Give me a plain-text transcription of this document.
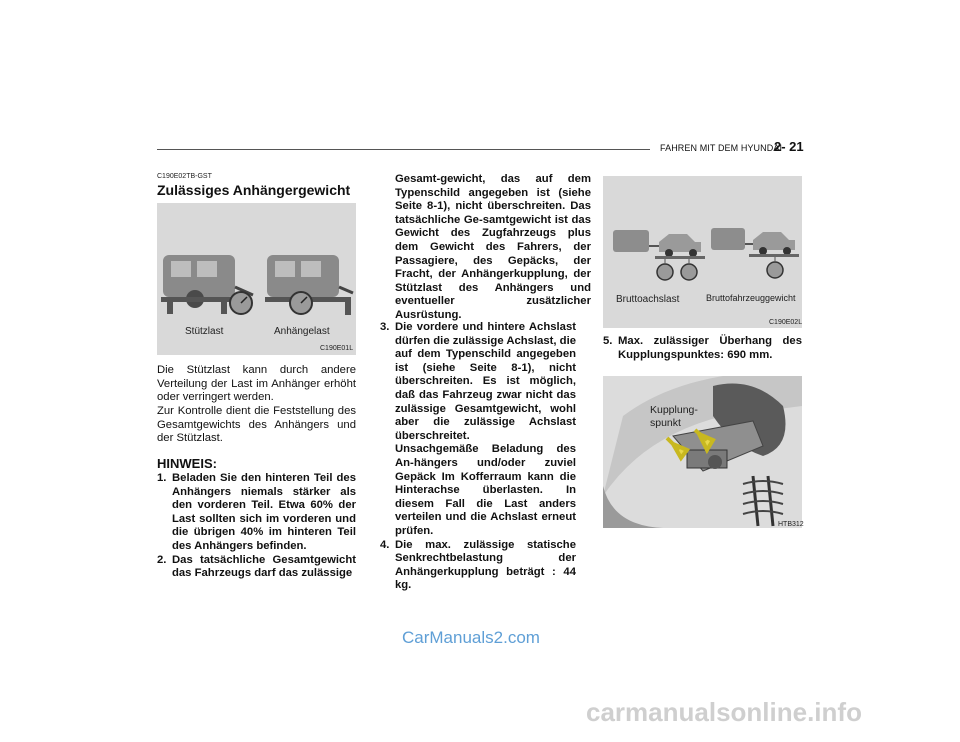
FAHREN MIT DEM HYUNDAI
2- 21
C190E02TB-GST
Zulässiges Anhängergewicht
Stützlast	Anhängelast
C190E01L
Die Stützlast kann durch andere Verteilung der Last im Anhänger erhöht oder verringert werden.
Zur Kontrolle dient die Feststellung des Gesamtgewichts des Anhängers und der Stützlast.
HINWEIS:
1. Beladen Sie den hinteren Teil des Anhängers niemals stärker als den vorderen Teil. Etwa 60% der Last sollten sich im vorderen und die übrigen 40% im hinteren Teil des Anhängers befinden.
2. Das tatsächliche Gesamtgewicht das Fahrzeugs darf das zulässige
Gesamt-gewicht, das auf dem Typenschild angegeben ist (siehe Seite 8-1), nicht überschreiten. Das tatsächliche Ge-samtgewicht ist das Gewicht des Zugfahrzeugs plus dem Gewicht des Fahrers, der Passagiere, des Gepäcks, der Fracht, der Anhängerkupplung, der Stützlast des Anhängers und eventueller zusätzlicher Ausrüstung.
3. Die vordere und hintere Achslast dürfen die zulässige Achslast, die auf dem Typenschild angegeben ist (siehe Seite 8-1), nicht überschreiten. Es ist möglich, daß das Fahrzeug zwar nicht das zulässige Gesamtgewicht, wohl aber die zulässige Achslast überschreitet.
Unsachgemäße Beladung des An-hängers und/oder zuviel Gepäck Im Kofferraum kann die Hinterachse überlasten. In diesem Fall die Last anders verteilen und die Achslast erneut prüfen.
4. Die max. zulässige statische Senkrechtbelastung der Anhängerkupplung beträgt : 44 kg.
Bruttoachslast	Bruttofahrzeuggewicht
C190E02L
5. Max. zulässiger Überhang des Kupplungspunktes: 690 mm.
Kupplung-
spunkt
HTB312
CarManuals2.com
carmanualsonline.info
